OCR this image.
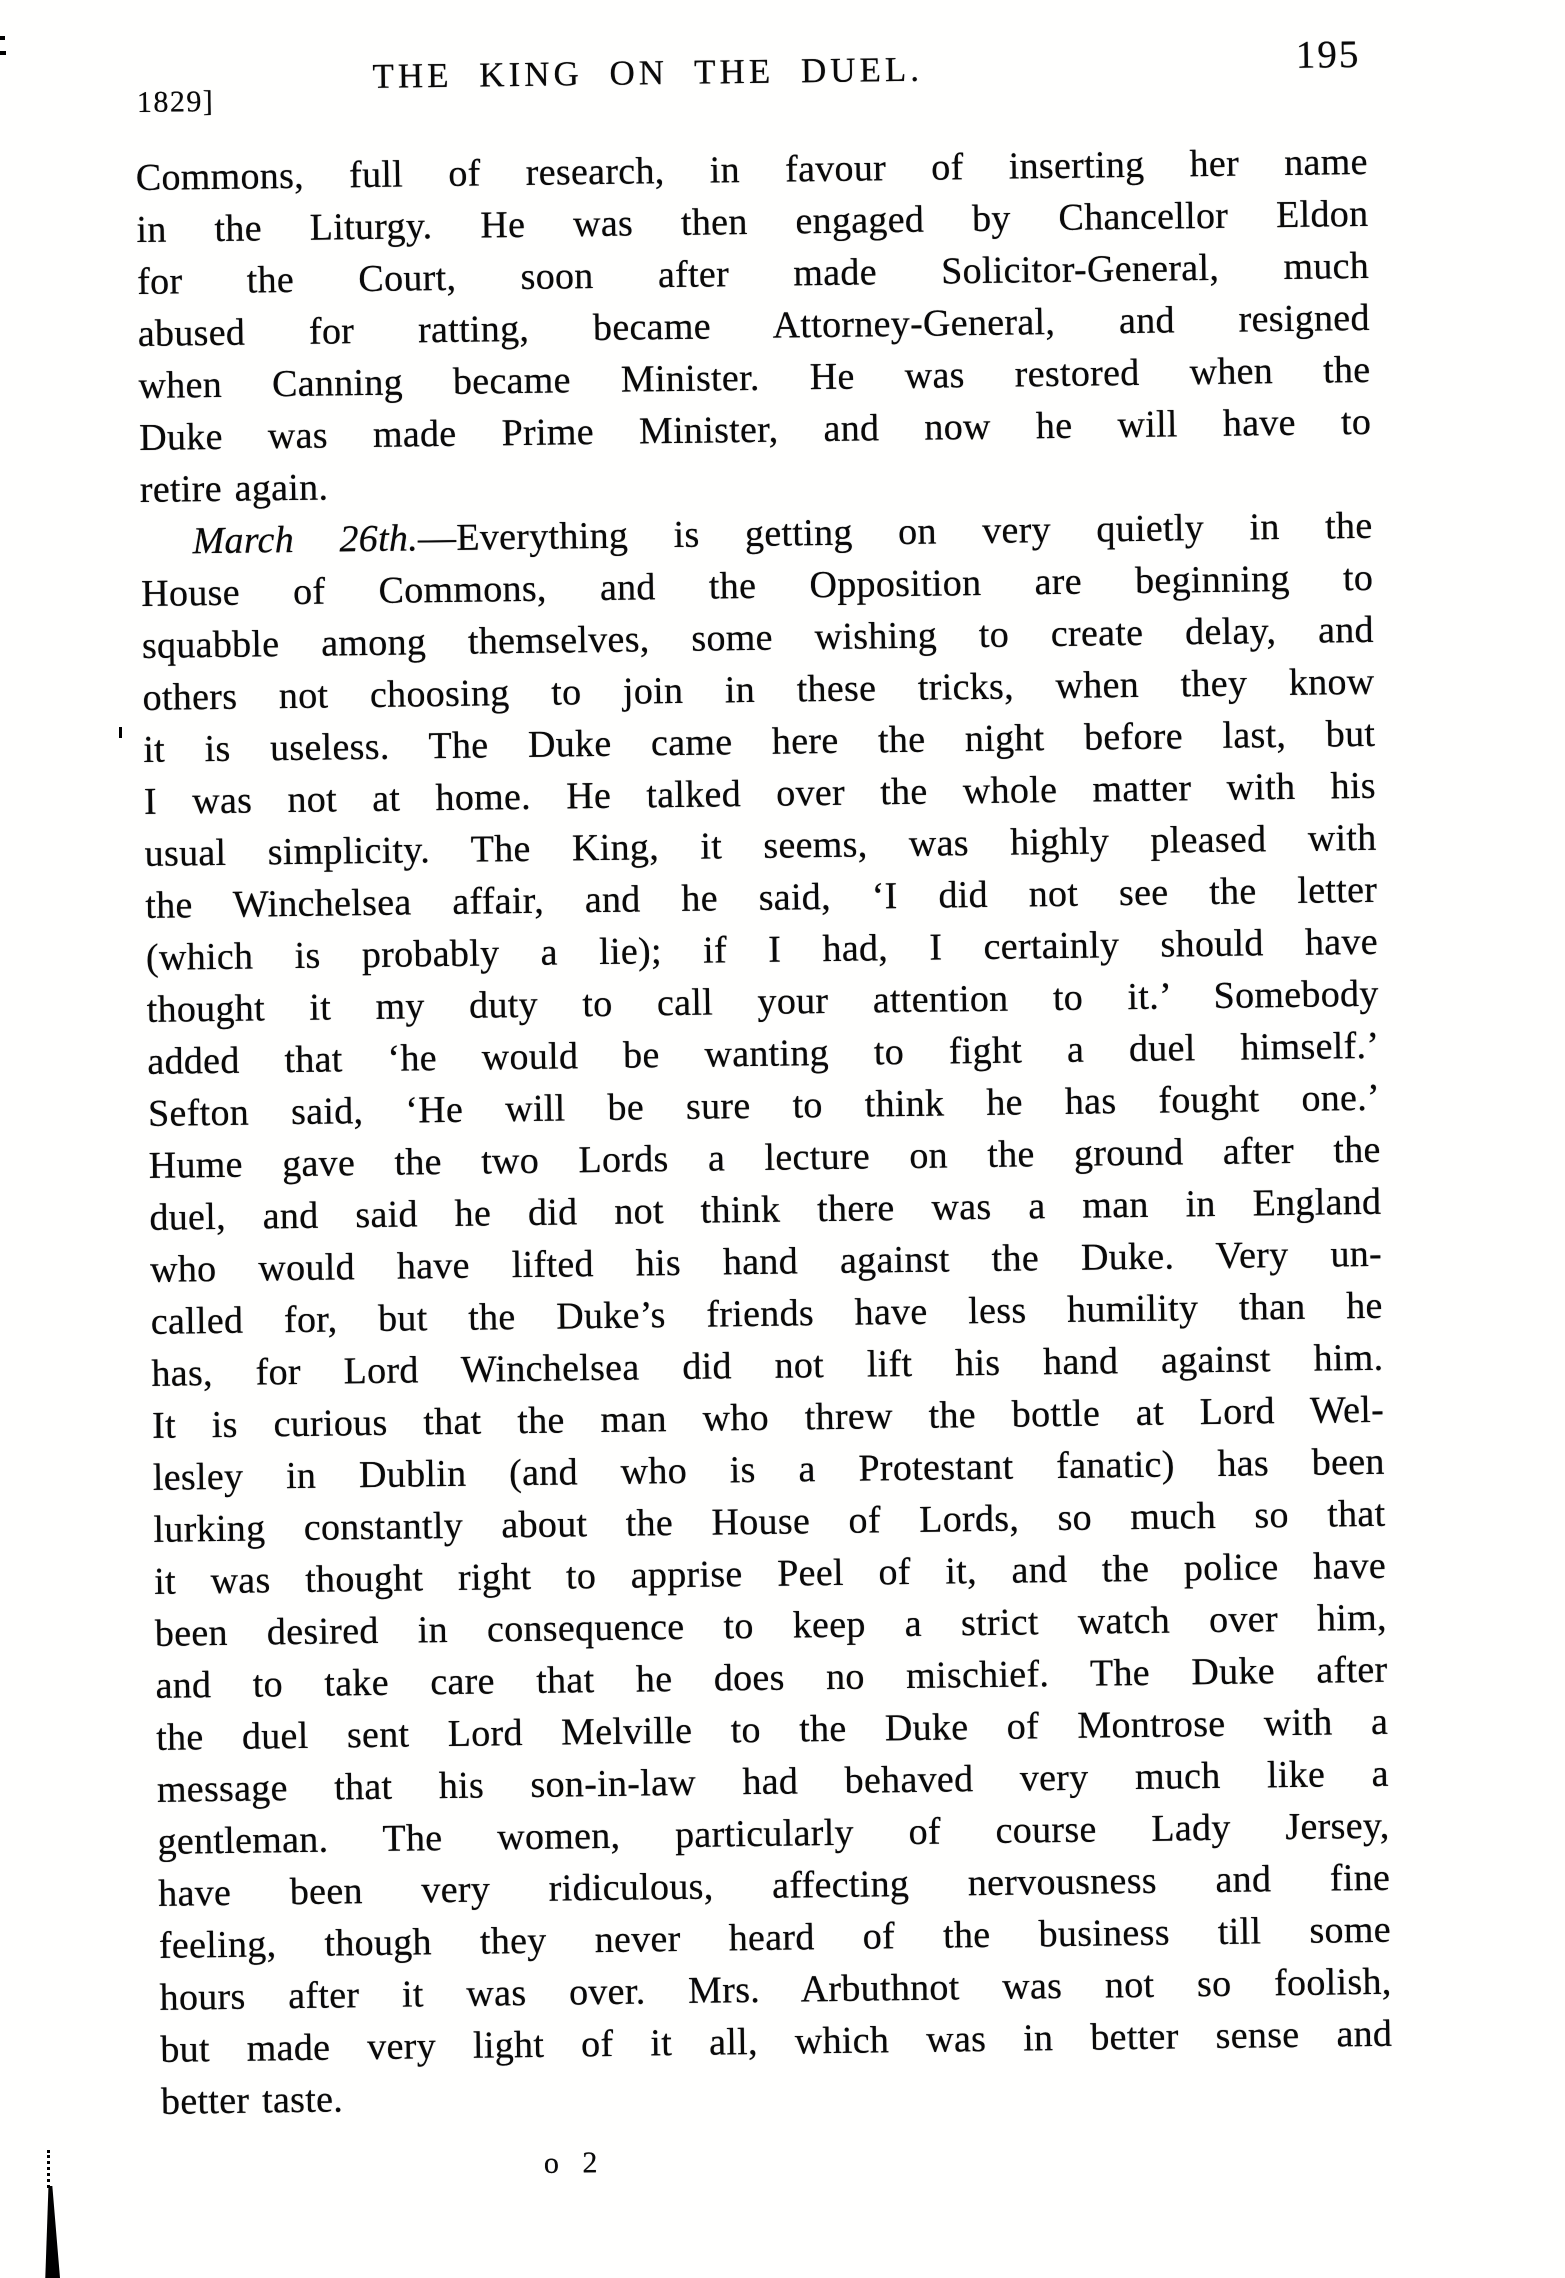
1829]
THE KING ON THE DUEL.	195
Commons, full of research, in favour of inserting her name
in the Liturgy. He was then engaged by Chancellor Eldon
for the Court, soon after made Solicitor-General, much
abused for ratting, became Attorney-General, and resigned
when Canning became Minister. He was restored when the
Duke was made Prime Minister, and now he will have to
retire again.
March 26th.—Everything is getting on very quietly in the
House of Commons, and the Opposition are beginning to
squabble among themselves, some wishing to create delay, and
others not choosing to join in these tricks, when they know
it is useless. The Duke came here the night before last, but
I was not at home. He talked over the whole matter with his
usual simplicity. The King, it seems, was highly pleased with
the Winchelsea affair, and he said, ‘I did not see the letter
(which is probably a lie); if I had, I certainly should have
thought it my duty to call your attention to it.’ Somebody
added that ‘he would be wanting to fight a duel himself.’
Sefton said, ‘He will be sure to think he has fought one.’
Hume gave the two Lords a lecture on the ground after the
duel, and said he did not think there was a man in England
who would have lifted his hand against the Duke. Very un-
called for, but the Duke’s friends have less humility than he
has, for Lord Winchelsea did not lift his hand against him.
It is curious that the man who threw the bottle at Lord Wel-
lesley in Dublin (and who is a Protestant fanatic) has been
lurking constantly about the House of Lords, so much so that
it was thought right to apprise Peel of it, and the police have
been desired in consequence to keep a strict watch over him,
and to take care that he does no mischief. The Duke after
the duel sent Lord Melville to the Duke of Montrose with a
message that his son-in-law had behaved very much like a
gentleman. The women, particularly of course Lady Jersey,
have been very ridiculous, affecting nervousness and fine
feeling, though they never heard of the business till some
hours after it was over. Mrs. Arbuthnot was not so foolish,
but made very light of it all, which was in better sense and
better taste.
o 2
